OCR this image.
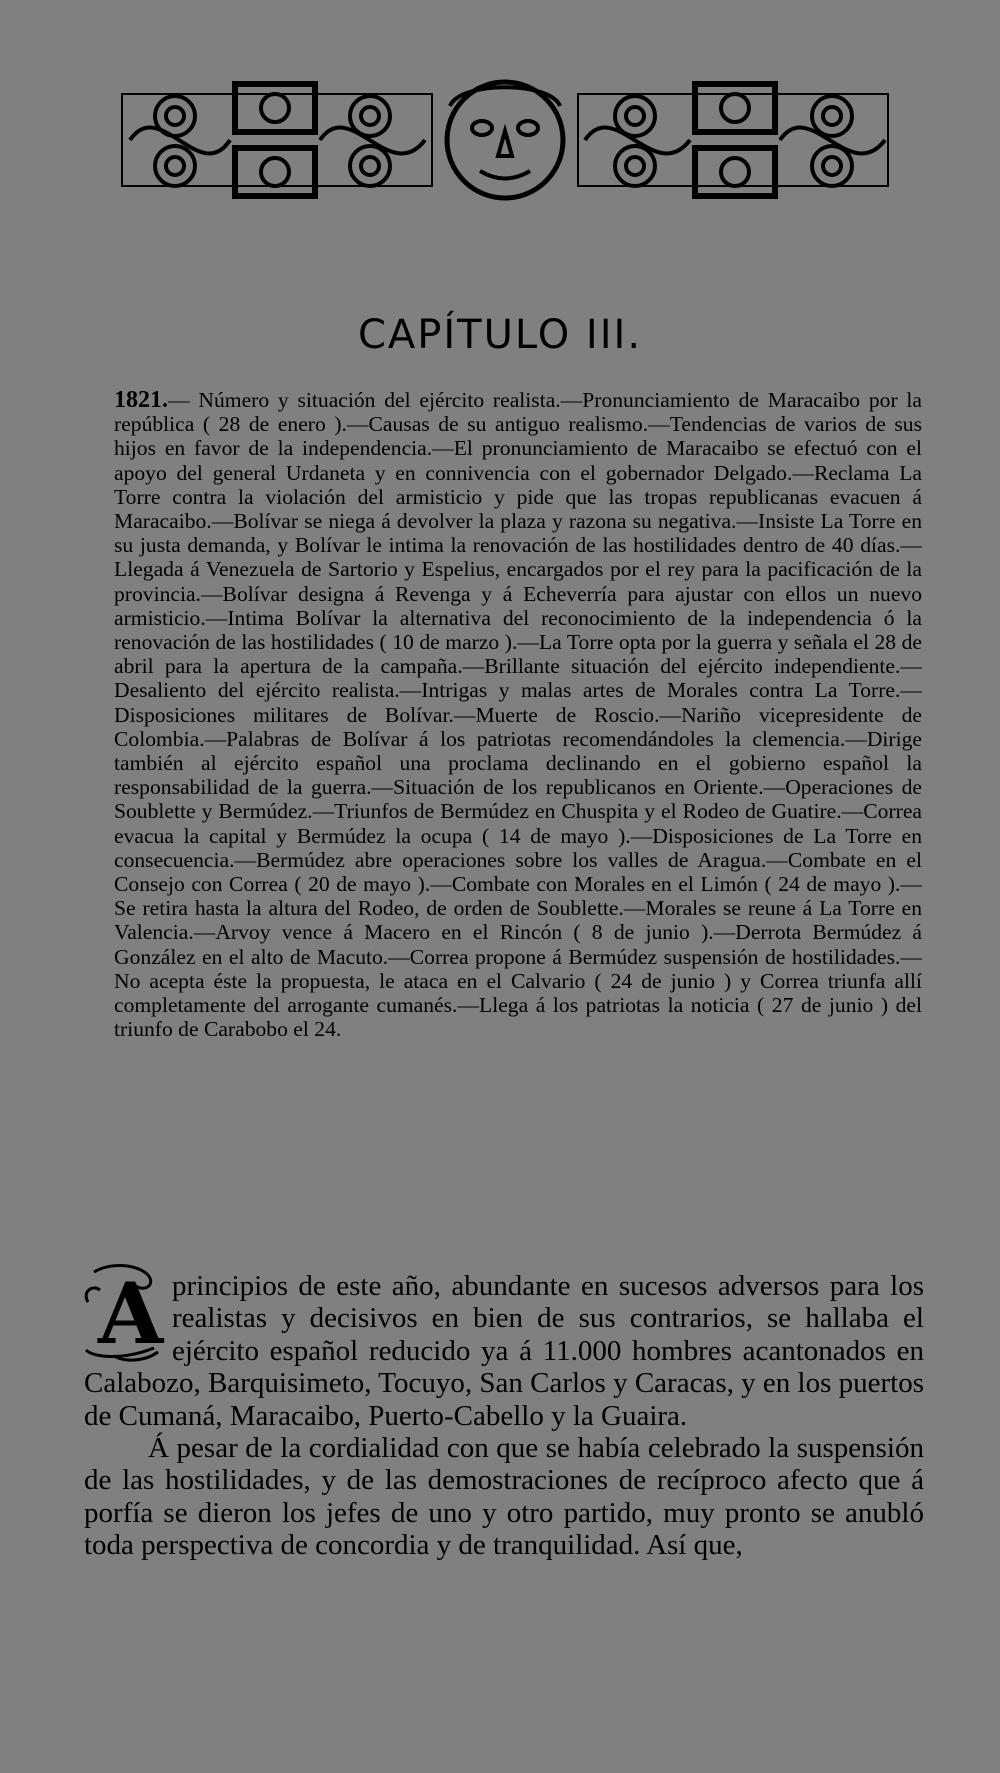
CAPÍTULO III.
1821.— Número y situación del ejército realista.—Pronunciamiento de Maracaibo por la república ( 28 de enero ).—Causas de su antiguo realismo.—Tendencias de varios de sus hijos en favor de la independencia.—El pronunciamiento de Maracaibo se efectuó con el apoyo del general Urdaneta y en connivencia con el gobernador Delgado.—Reclama La Torre contra la violación del armisticio y pide que las tropas republicanas evacuen á Maracaibo.—Bolívar se niega á devolver la plaza y razona su negativa.—Insiste La Torre en su justa demanda, y Bolívar le intima la renovación de las hostilidades dentro de 40 días.—Llegada á Venezuela de Sartorio y Espelius, encargados por el rey para la pacificación de la provincia.—Bolívar designa á Revenga y á Echeverría para ajustar con ellos un nuevo armisticio.—Intima Bolívar la alternativa del reconocimiento de la independencia ó la renovación de las hostilidades ( 10 de marzo ).—La Torre opta por la guerra y señala el 28 de abril para la apertura de la campaña.—Brillante situación del ejército independiente.—Desaliento del ejército realista.—Intrigas y malas artes de Morales contra La Torre.—Disposiciones militares de Bolívar.—Muerte de Roscio.—Nariño vicepresidente de Colombia.—Palabras de Bolívar á los patriotas recomendándoles la clemencia.—Dirige también al ejército español una proclama declinando en el gobierno español la responsabilidad de la guerra.—Situación de los republicanos en Oriente.—Operaciones de Soublette y Bermúdez.—Triunfos de Bermúdez en Chuspita y el Rodeo de Guatire.—Correa evacua la capital y Bermúdez la ocupa ( 14 de mayo ).—Disposiciones de La Torre en consecuencia.—Bermúdez abre operaciones sobre los valles de Aragua.—Combate en el Consejo con Correa ( 20 de mayo ).—Combate con Morales en el Limón ( 24 de mayo ).—Se retira hasta la altura del Rodeo, de orden de Soublette.—Morales se reune á La Torre en Valencia.—Arvoy vence á Macero en el Rincón ( 8 de junio ).—Derrota Bermúdez á González en el alto de Macuto.—Correa propone á Bermúdez suspensión de hostilidades.—No acepta éste la propuesta, le ataca en el Calvario ( 24 de junio ) y Correa triunfa allí completamente del arrogante cumanés.—Llega á los patriotas la noticia ( 27 de junio ) del triunfo de Carabobo el 24.
A principios de este año, abundante en sucesos adversos para los realistas y decisivos en bien de sus contrarios, se hallaba el ejército español reducido ya á 11.000 hombres acantonados en Calabozo, Barquisimeto, Tocuyo, San Carlos y Caracas, y en los puertos de Cumaná, Maracaibo, Puerto-Cabello y la Guaira.

Á pesar de la cordialidad con que se había celebrado la suspensión de las hostilidades, y de las demostraciones de recíproco afecto que á porfía se dieron los jefes de uno y otro partido, muy pronto se anubló toda perspectiva de concordia y de tranquilidad. Así que,
